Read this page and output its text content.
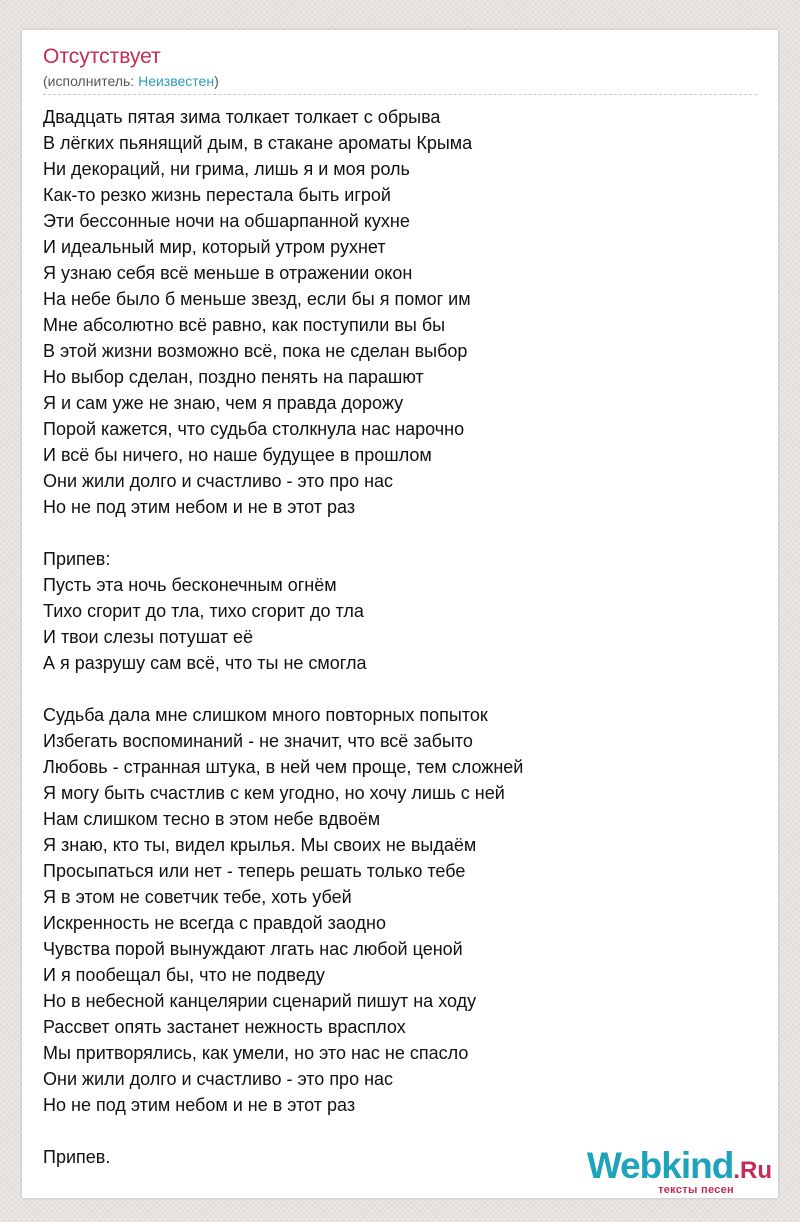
Отсутствует
(исполнитель: Неизвестен)
Двадцать пятая зима толкает толкает с обрыва
В лёгких пьянящий дым, в стакане ароматы Крыма
Ни декораций, ни грима, лишь я и моя роль
Как-то резко жизнь перестала быть игрой
Эти бессонные ночи на обшарпанной кухне
И идеальный мир, который утром рухнет
Я узнаю себя всё меньше в отражении окон
На небе было б меньше звезд, если бы я помог им
Мне абсолютно всё равно, как поступили вы бы
В этой жизни возможно всё, пока не сделан выбор
Но выбор сделан, поздно пенять на парашют
Я и сам уже не знаю, чем я правда дорожу
Порой кажется, что судьба столкнула нас нарочно
И всё бы ничего, но наше будущее в прошлом
Они жили долго и счастливо - это про нас
Но не под этим небом и не в этот раз
Припев:
Пусть эта ночь бесконечным огнём
Тихо сгорит до тла, тихо сгорит до тла
И твои слезы потушат её
А я разрушу сам всё, что ты не смогла
Судьба дала мне слишком много повторных попыток
Избегать воспоминаний - не значит, что всё забыто
Любовь - странная штука, в ней чем проще, тем сложней
Я могу быть счастлив с кем угодно, но хочу лишь с ней
Нам слишком тесно в этом небе вдвоём
Я знаю, кто ты, видел крылья. Мы своих не выдаём
Просыпаться или нет - теперь решать только тебе
Я в этом не советчик тебе, хоть убей
Искренность не всегда с правдой заодно
Чувства порой вынуждают лгать нас любой ценой
И я пообещал бы, что не подведу
Но в небесной канцелярии сценарий пишут на ходу
Рассвет опять застанет нежность врасплох
Мы притворялись, как умели, но это нас не спасло
Они жили долго и счастливо - это про нас
Но не под этим небом и не в этот раз
Припев.	Webkind.Ru
тексты песен
